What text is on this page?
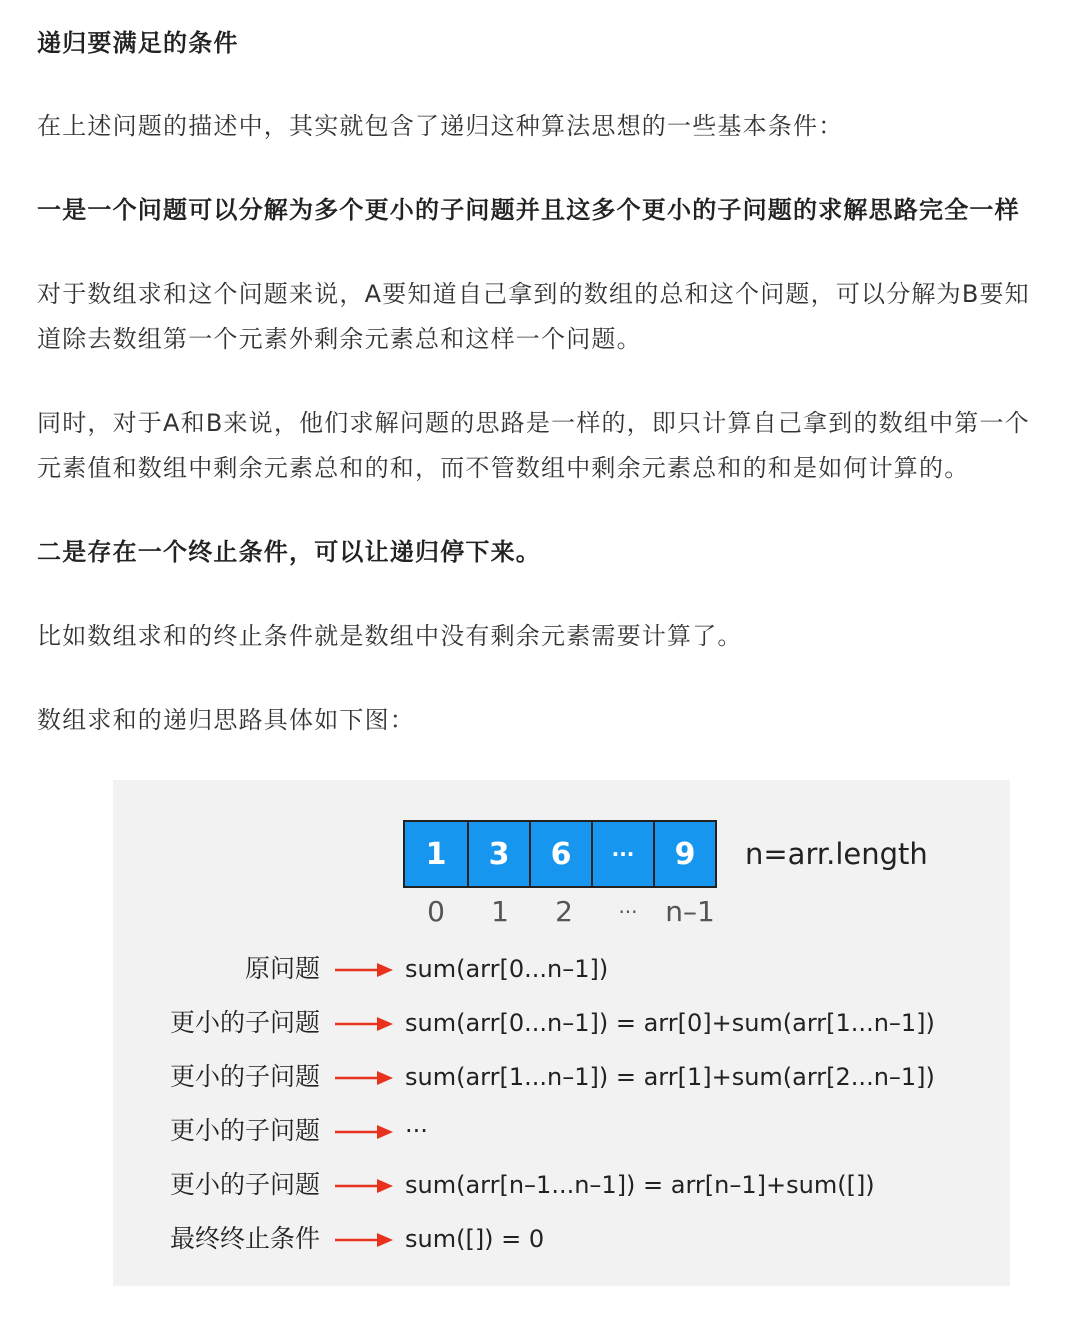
递归要满足的条件

在上述问题的描述中，其实就包含了递归这种算法思想的一些基本条件：

一是一个问题可以分解为多个更小的子问题并且这多个更小的子问题的求解思路完全一样

对于数组求和这个问题来说，A要知道自己拿到的数组的总和这个问题，可以分解为B要知

道除去数组第一个元素外剩余元素总和这样一个问题。

同时，对于A和B来说，他们求解问题的思路是一样的，即只计算自己拿到的数组中第一个

元素值和数组中剩余元素总和的和，而不管数组中剩余元素总和的和是如何计算的。

二是存在一个终止条件，可以让递归停下来。

比如数组求和的终止条件就是数组中没有剩余元素需要计算了。

数组求和的递归思路具体如下图：

1	3	6	···	9	n=arr.length
0	1	2	··· n–1
原问题	sum(arr[0...n–1])
更小的子问题	sum(arr[0...n–1]) = arr[0]+sum(arr[1...n–1])
更小的子问题	sum(arr[1...n–1]) = arr[1]+sum(arr[2...n–1])
更小的子问题	···
更小的子问题	sum(arr[n–1...n–1]) = arr[n–1]+sum([])
最终终止条件	sum([]) = 0
